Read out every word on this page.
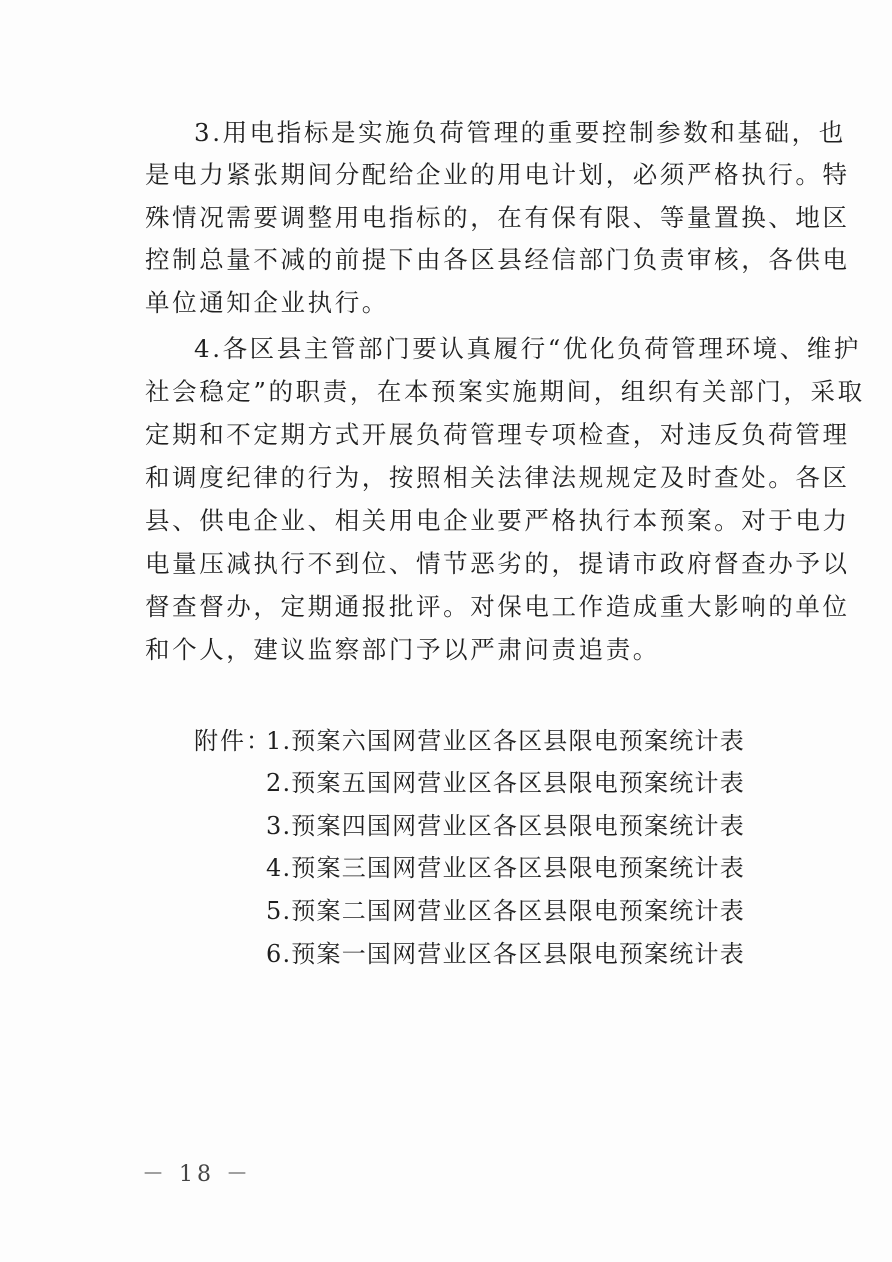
3.用电指标是实施负荷管理的重要控制参数和基础，也
是电力紧张期间分配给企业的用电计划，必须严格执行。特
殊情况需要调整用电指标的，在有保有限、等量置换、地区
控制总量不减的前提下由各区县经信部门负责审核，各供电
单位通知企业执行。
4.各区县主管部门要认真履行“优化负荷管理环境、维护
社会稳定”的职责，在本预案实施期间，组织有关部门，采取
定期和不定期方式开展负荷管理专项检查，对违反负荷管理
和调度纪律的行为，按照相关法律法规规定及时查处。各区
县、供电企业、相关用电企业要严格执行本预案。对于电力
电量压减执行不到位、情节恶劣的，提请市政府督查办予以
督查督办，定期通报批评。对保电工作造成重大影响的单位
和个人，建议监察部门予以严肃问责追责。
附件：
1.预案六国网营业区各区县限电预案统计表
2.预案五国网营业区各区县限电预案统计表
3.预案四国网营业区各区县限电预案统计表
4.预案三国网营业区各区县限电预案统计表
5.预案二国网营业区各区县限电预案统计表
6.预案一国网营业区各区县限电预案统计表
－ 18 －
